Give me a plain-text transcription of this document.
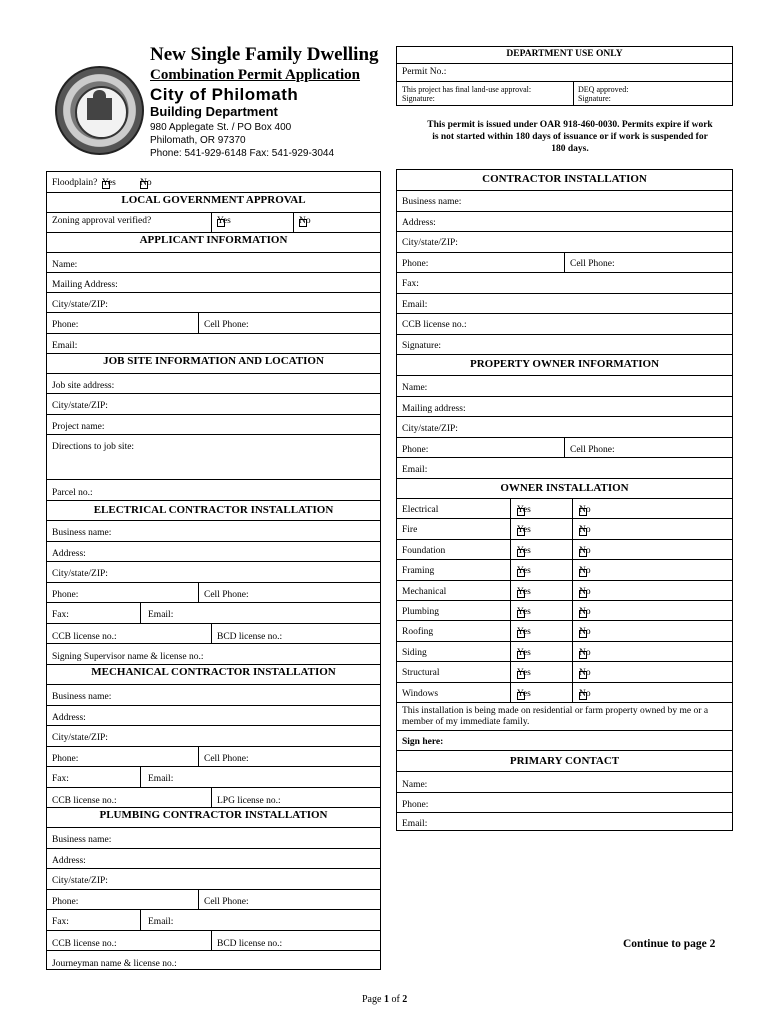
New Single Family Dwelling
Combination Permit Application
City of Philomath
Building Department
980 Applegate St. / PO Box 400
Philomath, OR 97370
Phone: 541-929-6148 Fax: 541-929-3044
DEPARTMENT USE ONLY
Permit No.:
This project has final land-use approval:
Signature:
DEQ approved:
Signature:
This permit is issued under OAR 918-460-0030. Permits expire if work is not started within 180 days of issuance or if work is suspended for 180 days.
Floodplain? Yes	No
LOCAL GOVERNMENT APPROVAL
Zoning approval verified?	Yes	No
APPLICANT INFORMATION
Name:
Mailing Address:
City/state/ZIP:
Phone:	Cell Phone:
Email:
JOB SITE INFORMATION AND LOCATION
Job site address:
City/state/ZIP:
Project name:
Directions to job site:
Parcel no.:
ELECTRICAL CONTRACTOR INSTALLATION
Business name:
Address:
City/state/ZIP:
Phone:	Cell Phone:
Fax:	Email:
CCB license no.:	BCD license no.:
Signing Supervisor name & license no.:
MECHANICAL CONTRACTOR INSTALLATION
Business name:
Address:
City/state/ZIP:
Phone:	Cell Phone:
Fax:	Email:
CCB license no.:	LPG license no.:
PLUMBING CONTRACTOR INSTALLATION
Business name:
Address:
City/state/ZIP:
Phone:	Cell Phone:
Fax:	Email:
CCB license no.:	BCD license no.:
Journeyman name & license no.:
CONTRACTOR INSTALLATION
Business name:
Address:
City/state/ZIP:
Phone:	Cell Phone:
Fax:
Email:
CCB license no.:
Signature:
PROPERTY OWNER INFORMATION
Name:
Mailing address:
City/state/ZIP:
Phone:	Cell Phone:
Email:
OWNER INSTALLATION
Electrical	Yes	No
Fire	Yes	No
Foundation	Yes	No
Framing	Yes	No
Mechanical	Yes	No
Plumbing	Yes	No
Roofing	Yes	No
Siding	Yes	No
Structural	Yes	No
Windows	Yes	No
This installation is being made on residential or farm property owned by me or a member of my immediate family.
Sign here:
PRIMARY CONTACT
Name:
Phone:
Email:
Continue to page 2
Page 1 of 2
